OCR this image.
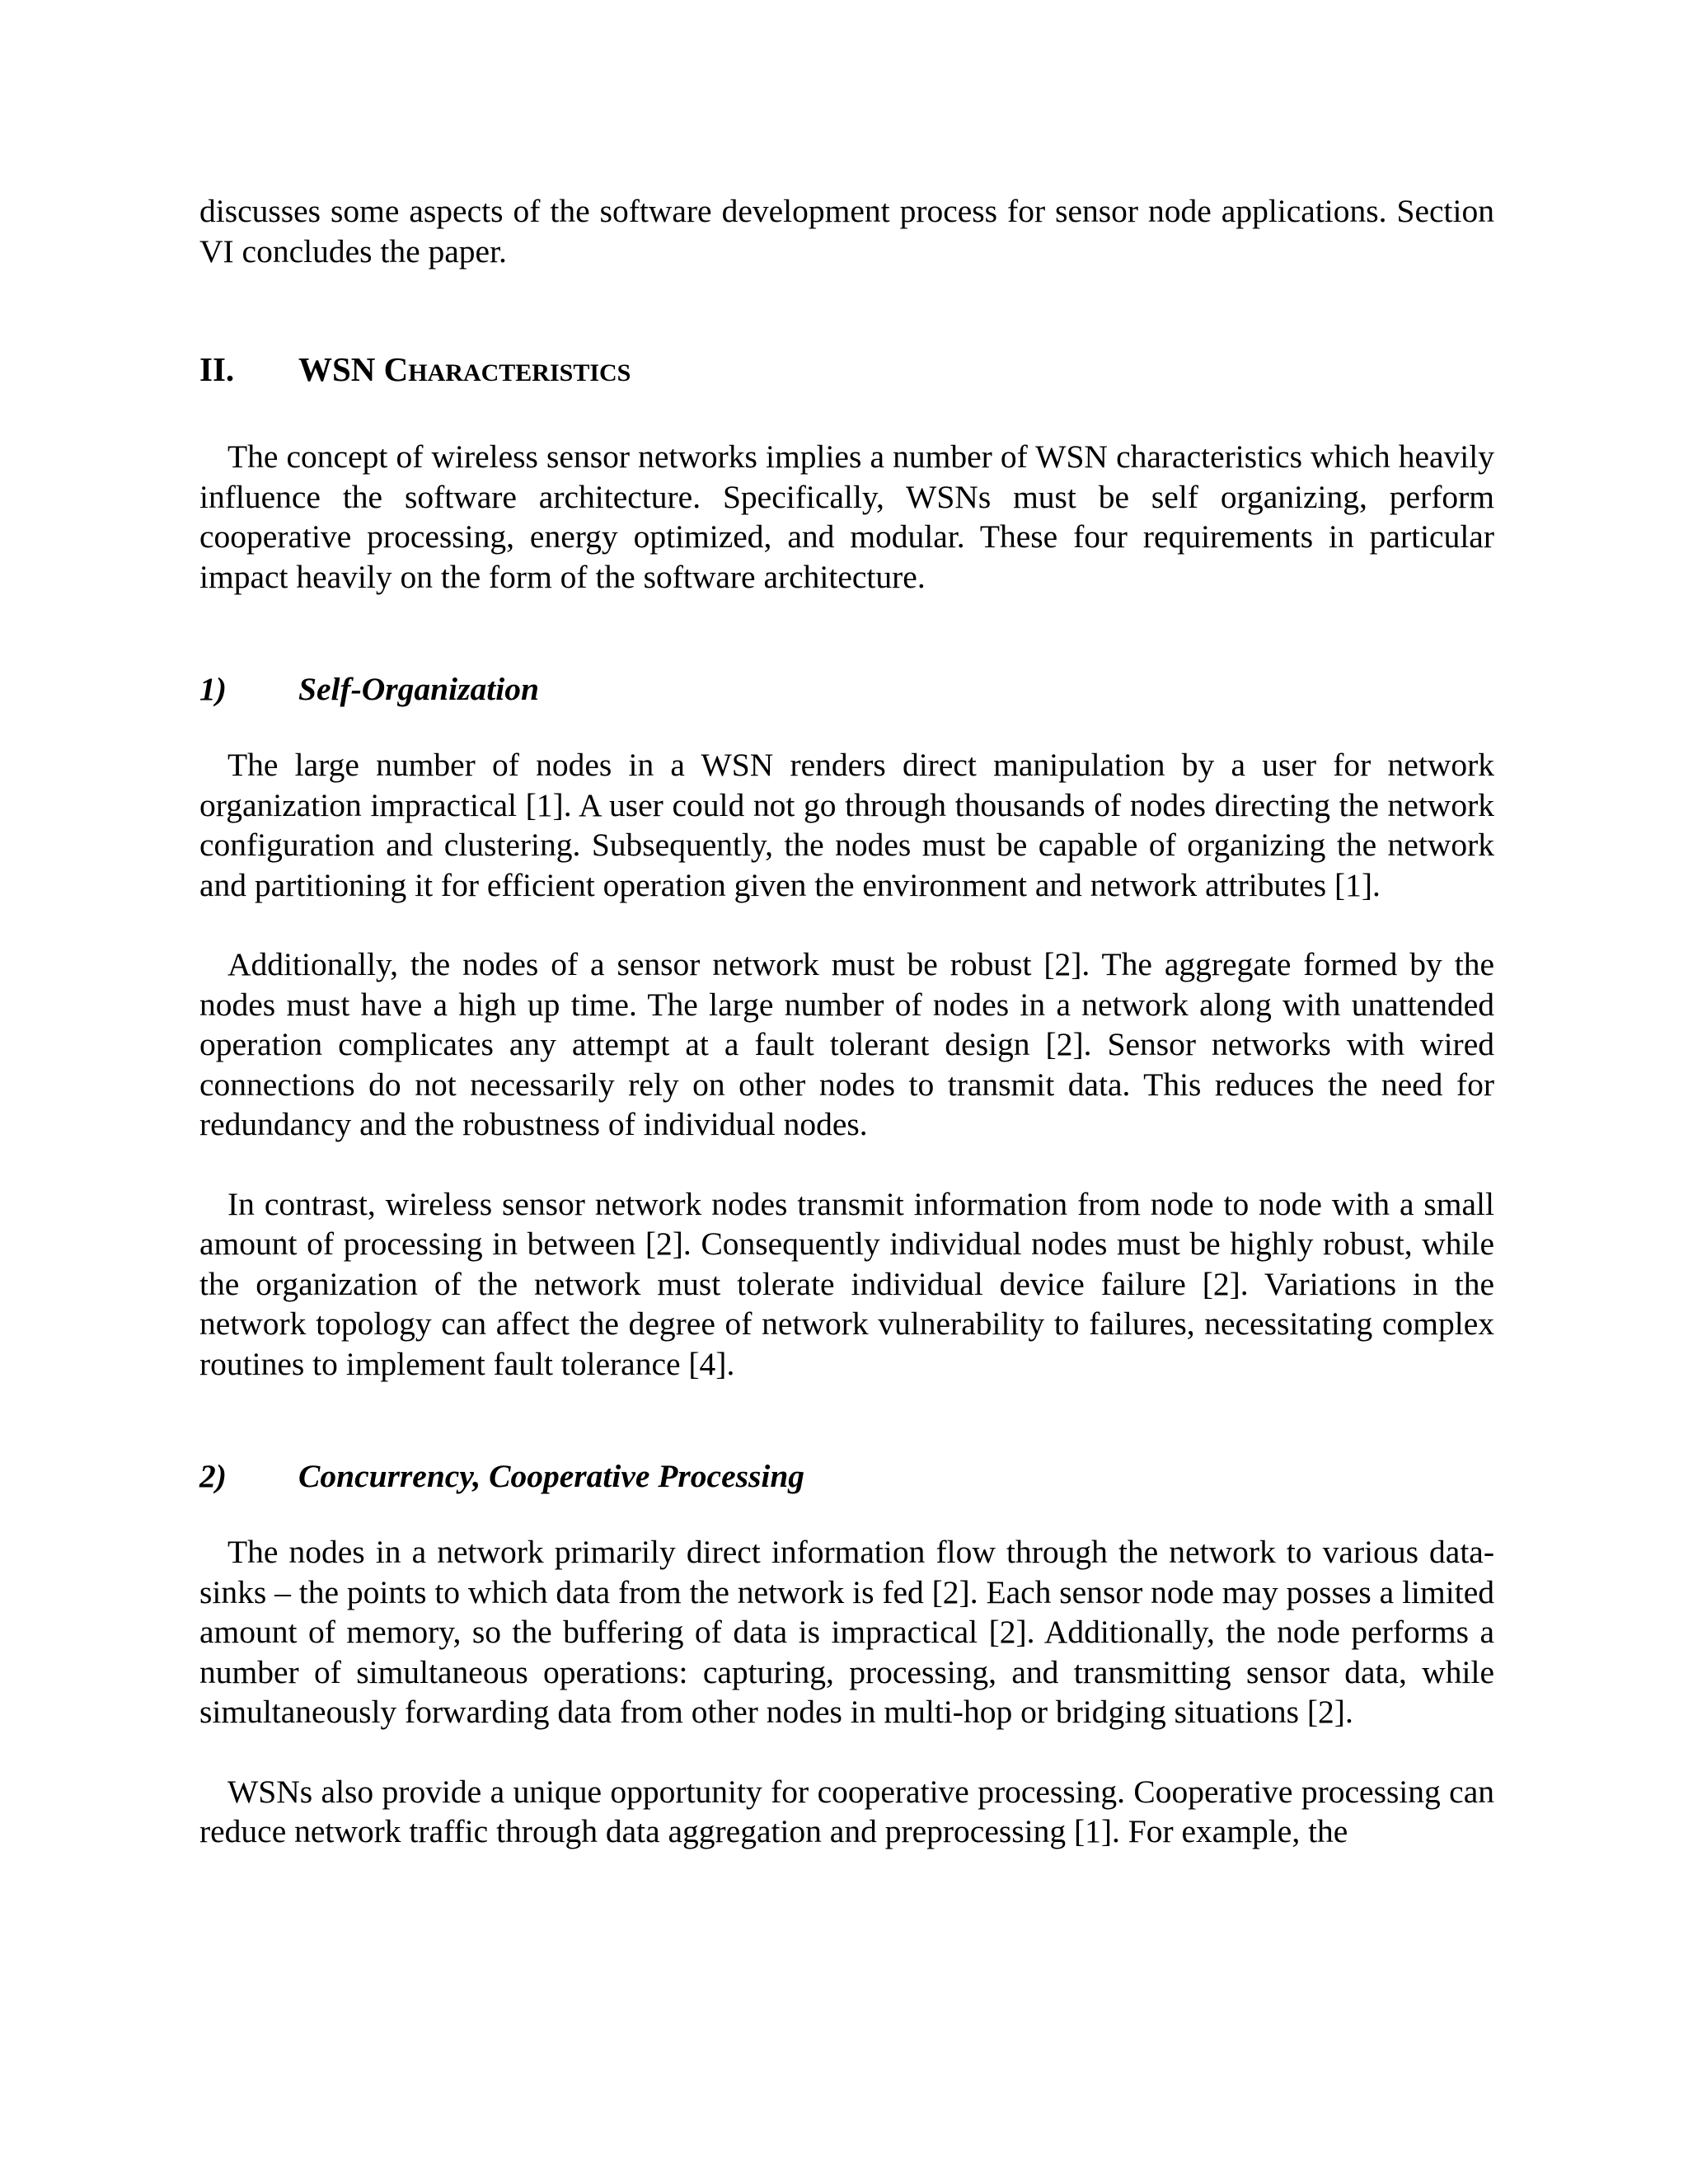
discusses some aspects of the software development process for sensor node applications. Section VI concludes the paper.

II.	WSN CHARACTERISTICS

The concept of wireless sensor networks implies a number of WSN characteristics which heavily influence the software architecture. Specifically, WSNs must be self organizing, perform cooperative processing, energy optimized, and modular. These four requirements in particular impact heavily on the form of the software architecture.

1)	Self-Organization

The large number of nodes in a WSN renders direct manipulation by a user for network organization impractical [1]. A user could not go through thousands of nodes directing the network configuration and clustering. Subsequently, the nodes must be capable of organizing the network and partitioning it for efficient operation given the environment and network attributes [1].

Additionally, the nodes of a sensor network must be robust [2]. The aggregate formed by the nodes must have a high up time. The large number of nodes in a network along with unattended operation complicates any attempt at a fault tolerant design [2]. Sensor networks with wired connections do not necessarily rely on other nodes to transmit data. This reduces the need for redundancy and the robustness of individual nodes.

In contrast, wireless sensor network nodes transmit information from node to node with a small amount of processing in between [2]. Consequently individual nodes must be highly robust, while the organization of the network must tolerate individual device failure [2]. Variations in the network topology can affect the degree of network vulnerability to failures, necessitating complex routines to implement fault tolerance [4].

2)	Concurrency, Cooperative Processing

The nodes in a network primarily direct information flow through the network to various data-sinks – the points to which data from the network is fed [2]. Each sensor node may posses a limited amount of memory, so the buffering of data is impractical [2]. Additionally, the node performs a number of simultaneous operations: capturing, processing, and transmitting sensor data, while simultaneously forwarding data from other nodes in multi-hop or bridging situations [2].

WSNs also provide a unique opportunity for cooperative processing. Cooperative processing can reduce network traffic through data aggregation and preprocessing [1]. For example, the
